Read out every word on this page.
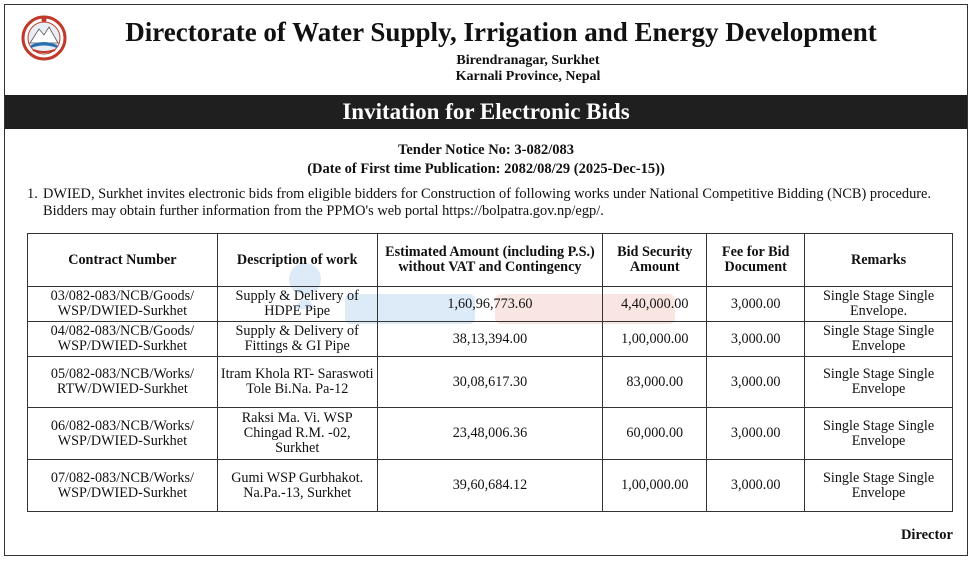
Directorate of Water Supply, Irrigation and Energy Development
Birendranagar, Surkhet
Karnali Province, Nepal
Invitation for Electronic Bids
Tender Notice No: 3-082/083
(Date of First time Publication: 2082/08/29 (2025-Dec-15))
1. DWIED, Surkhet invites electronic bids from eligible bidders for Construction of following works under National Competitive Bidding (NCB) procedure. Bidders may obtain further information from the PPMO's web portal https://bolpatra.gov.np/egp/.
Contract Number	Description of work	Estimated Amount (including P.S.) without VAT and Contingency	Bid Security Amount	Fee for Bid Document	Remarks
03/082-083/NCB/Goods/ WSP/DWIED-Surkhet	Supply & Delivery of HDPE Pipe	1,60,96,773.60	4,40,000.00	3,000.00	Single Stage Single Envelope.
04/082-083/NCB/Goods/ WSP/DWIED-Surkhet	Supply & Delivery of Fittings & GI Pipe	38,13,394.00	1,00,000.00	3,000.00	Single Stage Single Envelope
05/082-083/NCB/Works/ RTW/DWIED-Surkhet	Itram Khola RT- Saraswoti Tole Bi.Na. Pa-12	30,08,617.30	83,000.00	3,000.00	Single Stage Single Envelope
06/082-083/NCB/Works/ WSP/DWIED-Surkhet	Raksi Ma. Vi. WSP Chingad R.M. -02, Surkhet	23,48,006.36	60,000.00	3,000.00	Single Stage Single Envelope
07/082-083/NCB/Works/ WSP/DWIED-Surkhet	Gumi WSP Gurbhakot. Na.Pa.-13, Surkhet	39,60,684.12	1,00,000.00	3,000.00	Single Stage Single Envelope
Director
